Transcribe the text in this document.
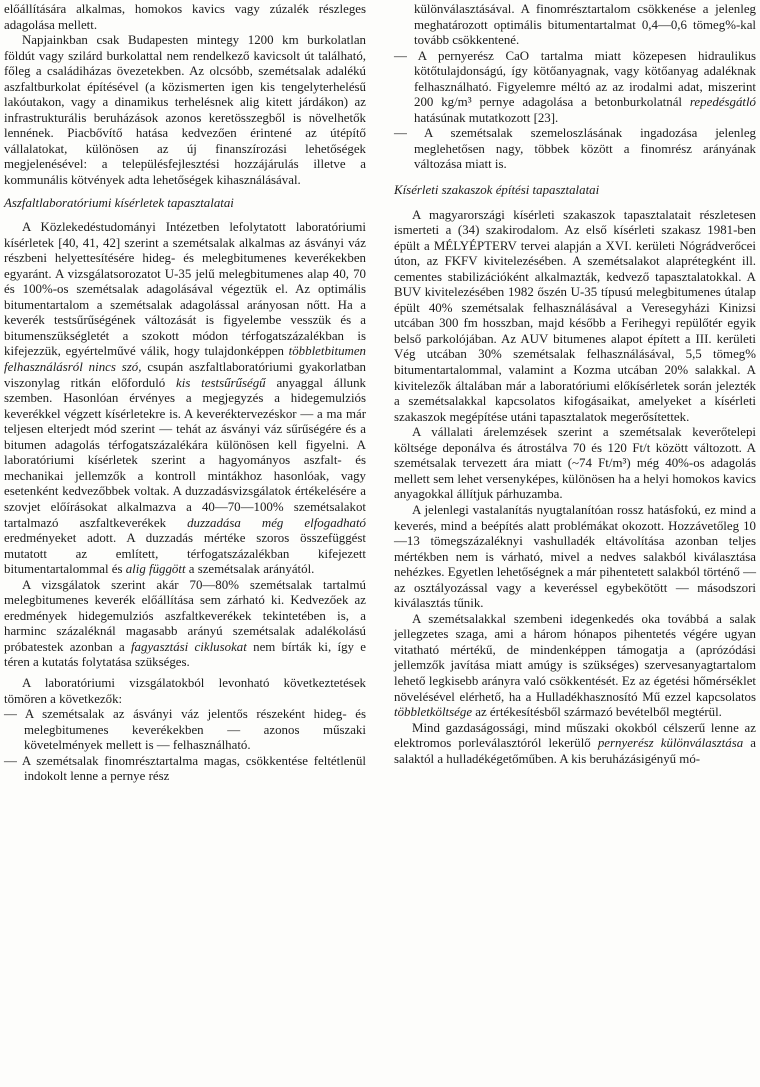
előállítására alkalmas, homokos kavics vagy zúzalék részleges adagolása mellett.

Napjainkban csak Budapesten mintegy 1200 km burkolatlan földút vagy szilárd burkolattal nem rendelkező kavicsolt út található, főleg a családiházas övezetekben. Az olcsóbb, szemétsalak adalékú aszfaltburkolat építésével (a közismerten igen kis tengelyterhelésű lakóutakon, vagy a dinamikus terhelésnek alig kitett járdákon) az infrastrukturális beruházások azonos keretösszegből is növelhetők lennének. Piacbővítő hatása kedvezően érintené az útépítő vállalatokat, különösen az új finanszírozási lehetőségek megjelenésével: a településfejlesztési hozzájárulás illetve a kommunális kötvények adta lehetőségek kihasználásával.

Aszfaltlaboratóriumi kísérletek tapasztalatai

A Közlekedéstudományi Intézetben lefolytatott laboratóriumi kísérletek [40, 41, 42] szerint a szemétsalak alkalmas az ásványi váz részbeni helyettesítésére hideg- és melegbitumenes keverékekben egyaránt. A vizsgálatsorozatot U-35 jelű melegbitumenes alap 40, 70 és 100%-os szemétsalak adagolásával végeztük el. Az optimális bitumentartalom a szemétsalak adagolással arányosan nőtt. Ha a keverék testsűrűségének változását is figyelembe vesszük és a bitumenszükségletét a szokott módon térfogatszázalékban is kifejezzük, egyértelművé válik, hogy tulajdonképpen többletbitumen felhasználásról nincs szó, csupán aszfaltlaboratóriumi gyakorlatban viszonylag ritkán előforduló kis testsűrűségű anyaggal állunk szemben. Hasonlóan érvényes a megjegyzés a hidegemulziós keverékkel végzett kísérletekre is. A keveréktervezéskor — a ma már teljesen elterjedt mód szerint — tehát az ásványi váz sűrűségére és a bitumen adagolás térfogatszázalékára különösen kell figyelni. A laboratóriumi kísérletek szerint a hagyományos aszfalt- és mechanikai jellemzők a kontroll mintákhoz hasonlóak, vagy esetenként kedvezőbbek voltak. A duzzadásvizsgálatok értékelésére a szovjet előírásokat alkalmazva a 40—70—100% szemétsalakot tartalmazó aszfaltkeverékek duzzadása még elfogadható eredményeket adott. A duzzadás mértéke szoros összefüggést mutatott az említett, térfogatszázalékban kifejezett bitumentartalommal és alig függött a szemétsalak arányától.

A vizsgálatok szerint akár 70—80% szemétsalak tartalmú melegbitumenes keverék előállítása sem zárható ki. Kedvezőek az eredmények hidegemulziós aszfaltkeverékek tekintetében is, a harminc százaléknál magasabb arányú szemétsalak adalékolású próbatestek azonban a fagyasztási ciklusokat nem bírták ki, így e téren a kutatás folytatása szükséges.

A laboratóriumi vizsgálatokból levonható következtetések tömören a következők:

— A szemétsalak az ásványi váz jelentős részeként hideg- és melegbitumenes keverékekben — azonos műszaki követelmények mellett is — felhasználható.

— A szemétsalak finomrésztartalma magas, csökkentése feltétlenül indokolt lenne a pernye rész

különválasztásával. A finomrésztartalom csökkenése a jelenleg meghatározott optimális bitumentartalmat 0,4—0,6 tömeg%-kal tovább csökkentené.

— A pernyerész CaO tartalma miatt közepesen hidraulikus kötőtulajdonságú, így kötőanyagnak, vagy kötőanyag adaléknak felhasználható. Figyelemre méltó az az irodalmi adat, miszerint 200 kg/m³ pernye adagolása a betonburkolatnál repedésgátló hatásúnak mutatkozott [23].

— A szemétsalak szemeloszlásának ingadozása jelenleg meglehetősen nagy, többek között a finomrész arányának változása miatt is.

Kísérleti szakaszok építési tapasztalatai

A magyarországi kísérleti szakaszok tapasztalatait részletesen ismerteti a (34) szakirodalom. Az első kísérleti szakasz 1981-ben épült a MÉLYÉPTERV tervei alapján a XVI. kerületi Nógrádverőcei úton, az FKFV kivitelezésében. A szemétsalakot alaprétegként ill. cementes stabilizációként alkalmazták, kedvező tapasztalatokkal. A BUV kivitelezésében 1982 őszén U-35 típusú melegbitumenes útalap épült 40% szemétsalak felhasználásával a Veresegyházi Kinizsi utcában 300 fm hosszban, majd később a Ferihegyi repülőtér egyik belső parkolójában. Az AUV bitumenes alapot épített a III. kerületi Vég utcában 30% szemétsalak felhasználásával, 5,5 tömeg% bitumentartalommal, valamint a Kozma utcában 20% salakkal. A kivitelezők általában már a laboratóriumi előkísérletek során jelezték a szemétsalakkal kapcsolatos kifogásaikat, amelyeket a kísérleti szakaszok megépítése utáni tapasztalatok megerősítettek.

A vállalati árelemzések szerint a szemétsalak keverőtelepi költsége deponálva és átrostálva 70 és 120 Ft/t között változott. A szemétsalak tervezett ára miatt (~74 Ft/m³) még 40%-os adagolás mellett sem lehet versenyképes, különösen ha a helyi homokos kavics anyagokkal állítjuk párhuzamba.

A jelenlegi vastalanítás nyugtalanítóan rossz hatásfokú, ez mind a keverés, mind a beépítés alatt problémákat okozott. Hozzávetőleg 10—13 tömegszázaléknyi vashulladék eltávolítása azonban teljes mértékben nem is várható, mivel a nedves salakból kiválasztása nehézkes. Egyetlen lehetőségnek a már pihentetett salakból történő — az osztályozással vagy a keveréssel egybekötött — másodszori kiválasztás tűnik.

A szemétsalakkal szembeni idegenkedés oka továbbá a salak jellegzetes szaga, ami a három hónapos pihentetés végére ugyan vitatható mértékű, de mindenképpen támogatja a (aprózódási jellemzők javítása miatt amúgy is szükséges) szervesanyagtartalom lehető legkisebb arányra való csökkentését. Ez az égetési hőmérséklet növelésével elérhető, ha a Hulladékhasznosító Mű ezzel kapcsolatos többletköltsége az értékesítésből származó bevételből megtérül.

Mind gazdaságossági, mind műszaki okokból célszerű lenne az elektromos porleválasztóról lekerülő pernyerész különválasztása a salaktól a hulladékégetőműben. A kis beruházásigényű mó-
